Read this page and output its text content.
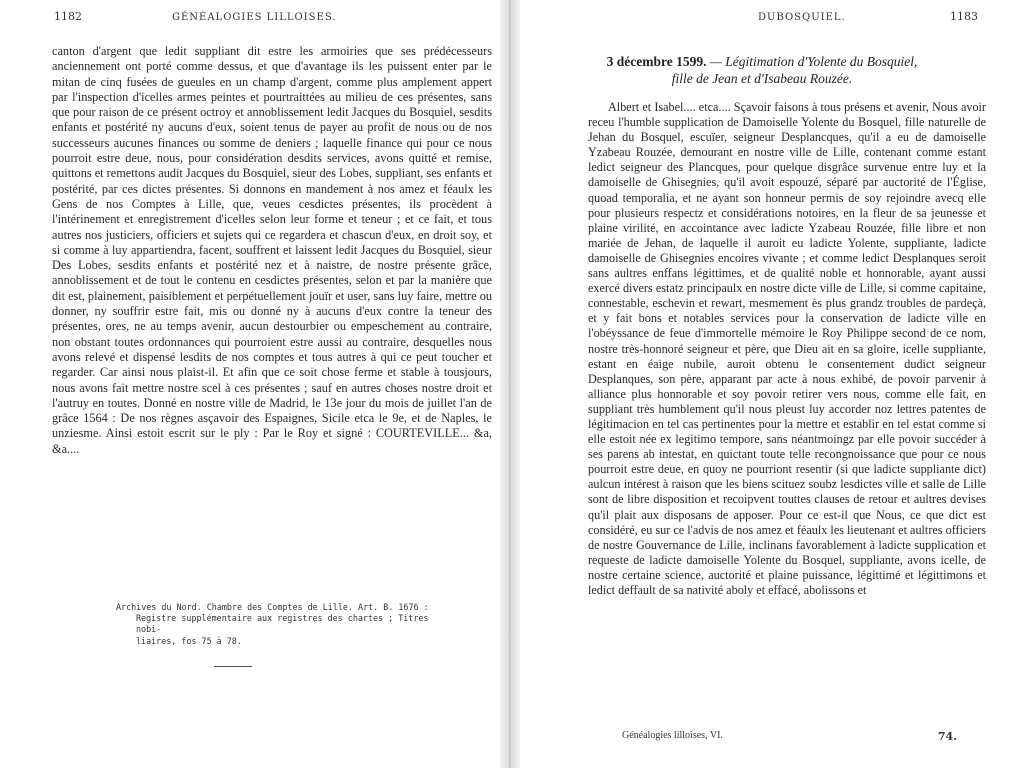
1182	GÉNÉALOGIES LILLOISES.

canton d'argent que ledit suppliant dit estre les armoiries que ses prédécesseurs anciennement ont porté comme dessus, et que d'avantage ils les puissent enter par le mitan de cinq fusées de gueules en un champ d'argent, comme plus amplement appert par l'inspection d'icelles armes peintes et pourtraittées au milieu de ces présentes, sans que pour raison de ce présent octroy et annoblissement ledit Jacques du Bosquiel, sesdits enfants et postérité ny aucuns d'eux, soient tenus de payer au profit de nous ou de nos successeurs aucunes finances ou somme de deniers ; laquelle finance qui pour ce nous pourroit estre deue, nous, pour considération desdits services, avons quitté et remise, quittons et remettons audit Jacques du Bosquiel, sieur des Lobes, suppliant, ses enfants et postérité, par ces dictes présentes. Si donnons en mandement à nos amez et féaulx les Gens de nos Comptes à Lille, que, veues cesdictes présentes, ils procèdent à l'intérinement et enregistrement d'icelles selon leur forme et teneur ; et ce fait, et tous autres nos justiciers, officiers et sujets qui ce regardera et chascun d'eux, en droit soy, et si comme à luy appartiendra, facent, souffrent et laissent ledit Jacques du Bosquiel, sieur Des Lobes, sesdits enfants et postérité nez et à naistre, de nostre présente grâce, annoblissement et de tout le contenu en cesdictes présentes, selon et par la manière que dit est, plainement, paisiblement et perpétuellement jouïr et user, sans luy faire, mettre ou donner, ny souffrir estre fait, mis ou donné ny à aucuns d'eux contre la teneur des présentes, ores, ne au temps avenir, aucun destourbier ou empeschement au contraire, non obstant toutes ordonnances qui pourroient estre aussi au contraire, desquelles nous avons relevé et dispensé lesdits de nos comptes et tous autres à qui ce peut toucher et regarder. Car ainsi nous plaist-il. Et afin que ce soit chose ferme et stable à tousjours, nous avons fait mettre nostre scel à ces présentes ; sauf en autres choses nostre droit et l'autruy en toutes. Donné en nostre ville de Madrid, le 13e jour du mois de juillet l'an de grâce 1564 : De nos règnes asçavoir des Espaignes, Sicile etca le 9e, et de Naples, le unziesme. Ainsi estoit escrit sur le ply : Par le Roy et signé : COURTEVILLE... &a, &a....

Archives du Nord. Chambre des Comptes de Lille. Art. B. 1676 :
Registre supplémentaire aux registres des chartes ; Titres nobi-
liaires, fos 75 à 78.
DUBOSQUIEL.	1183
3 décembre 1599. — Légitimation d'Yolente du Bosquiel,
fille de Jean et d'Isabeau Rouzée.

Albert et Isabel.... etca.... Sçavoir faisons à tous présens et avenir, Nous avoir receu l'humble supplication de Damoiselle Yolente du Bosquel, fille naturelle de Jehan du Bosquel, escuïer, seigneur Desplancques, qu'il a eu de damoiselle Yzabeau Rouzée, demourant en nostre ville de Lille, contenant comme estant ledict seigneur des Plancques, pour quelque disgrâce survenue entre luy et la damoiselle de Ghisegnies, qu'il avoit espouzé, séparé par auctorité de l'Église, quoad temporalia, et ne ayant son honneur permis de soy rejoindre avecq elle pour plusieurs respectz et considérations notoires, en la fleur de sa jeunesse et plaine virilité, en accointance avec ladicte Yzabeau Rouzée, fille libre et non mariée de Jehan, de laquelle il auroit eu ladicte Yolente, suppliante, ladicte damoiselle de Ghisegnies encoires vivante ; et comme ledict Desplanques seroit sans aultres enffans légittimes, et de qualité noble et honnorable, ayant aussi exercé divers estatz principaulx en nostre dicte ville de Lille, si comme capitaine, connestable, eschevin et rewart, mesmement ès plus grandz troubles de pardeçà, et y fait bons et notables services pour la conservation de ladicte ville en l'obéyssance de feue d'immortelle mémoire le Roy Philippe second de ce nom, nostre très-honnoré seigneur et père, que Dieu ait en sa gloire, icelle suppliante, estant en éaige nubile, auroit obtenu le consentement dudict seigneur Desplanques, son père, apparant par acte à nous exhibé, de povoir parvenir à alliance plus honnorable et soy povoir retirer vers nous, comme elle fait, en suppliant très humblement qu'il nous pleust luy accorder noz lettres patentes de légitimacion en tel cas pertinentes pour la mettre et establir en tel estat comme si elle estoit née ex legitimo tempore, sans néantmoingz par elle povoir succéder à ses parens ab intestat, en quictant toute telle recongnoissance que pour ce nous pourroit estre deue, en quoy ne pourriont resentir (si que ladicte suppliante dict) aulcun intérest à raison que les biens scituez soubz lesdictes ville et salle de Lille sont de libre disposition et recoipvent touttes clauses de retour et aultres devises qu'il plait aux disposans de apposer. Pour ce est-il que Nous, ce que dict est considéré, eu sur ce l'advis de nos amez et féaulx les lieutenant et aultres officiers de nostre Gouvernance de Lille, inclinans favorablement à ladicte supplication et requeste de ladicte damoiselle Yolente du Bosquel, suppliante, avons icelle, de nostre certaine science, auctorité et plaine puissance, légittimé et légittimons et ledict deffault de sa nativité aboly et effacé, abolissons et

Généalogies lilloises, VI.	74.
